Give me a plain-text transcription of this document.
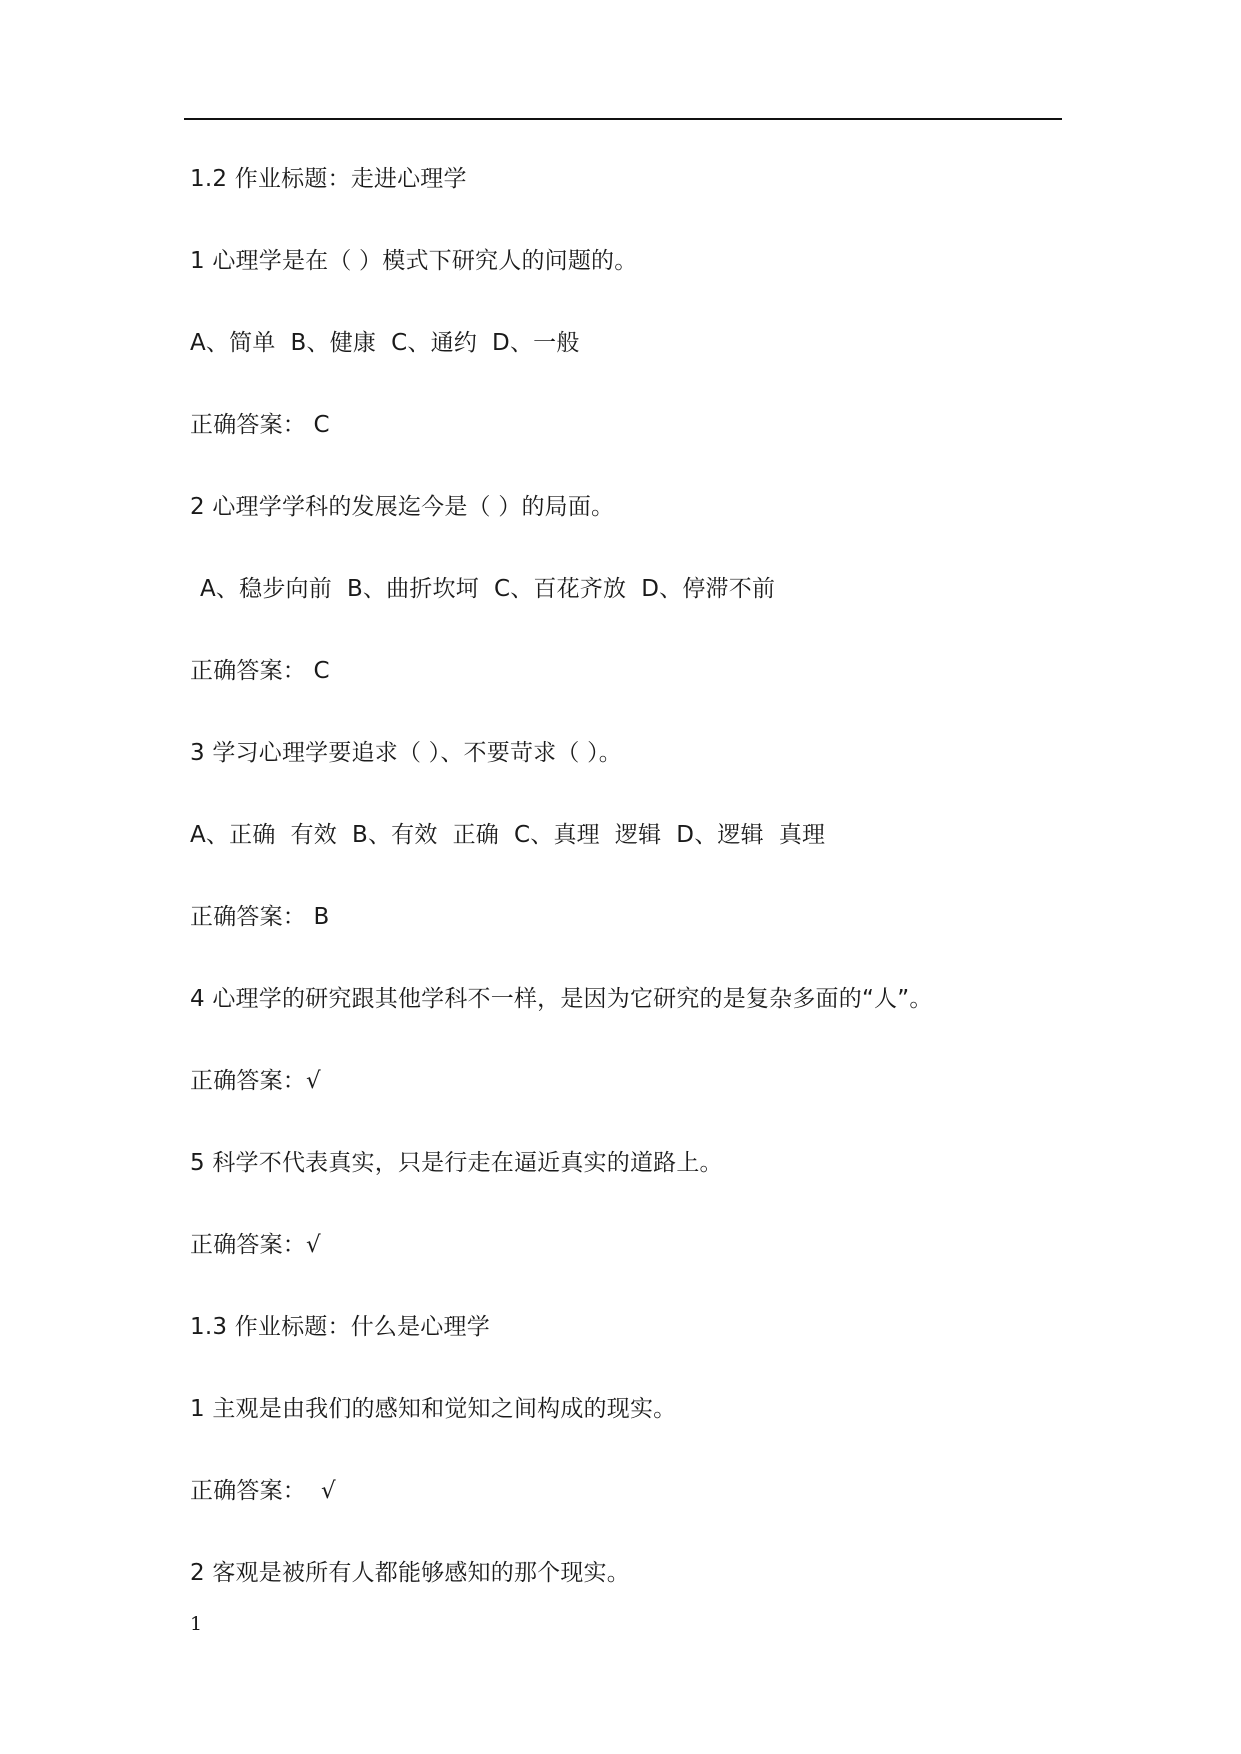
1.2 作业标题：走进心理学
1 心理学是在（ ）模式下研究人的问题的。
A、简单  B、健康  C、通约  D、一般
正确答案： C
2 心理学学科的发展迄今是（ ）的局面。
A、稳步向前  B、曲折坎坷  C、百花齐放  D、停滞不前
正确答案： C
3 学习心理学要追求（ ）、不要苛求（ ）。
A、正确  有效  B、有效  正确  C、真理  逻辑  D、逻辑  真理
正确答案： B
4 心理学的研究跟其他学科不一样，是因为它研究的是复杂多面的“人”。
正确答案：√
5 科学不代表真实，只是行走在逼近真实的道路上。
正确答案：√
1.3 作业标题：什么是心理学
1 主观是由我们的感知和觉知之间构成的现实。
正确答案：  √
2 客观是被所有人都能够感知的那个现实。
1
